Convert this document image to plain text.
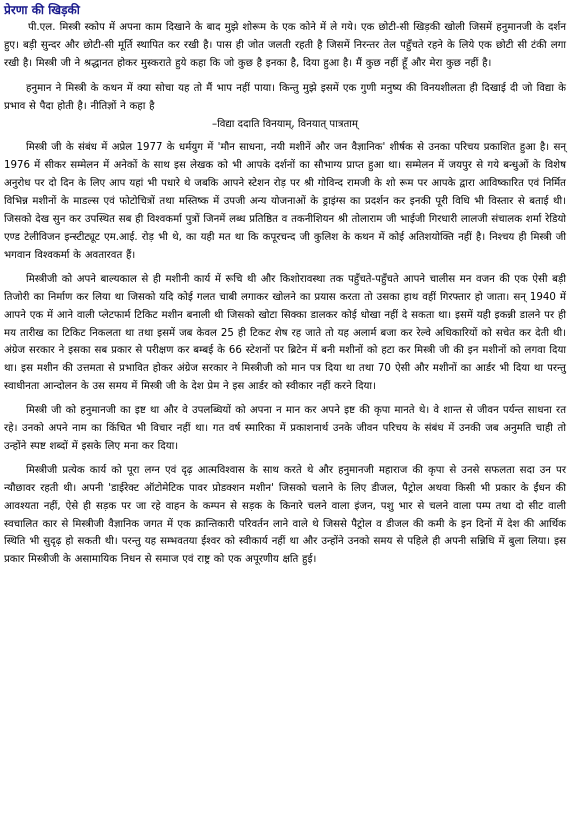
प्रेरणा की खिड़की

पी.एल. मिस्त्री स्कोप में अपना काम दिखाने के बाद मुझे शोरूम के एक कोने में ले गये। एक छोटी-सी खिड़की खोली जिसमें हनुमानजी के दर्शन हुए। बड़ी सुन्दर और छोटी-सी मूर्ति स्थापित कर रखी है। पास ही जोत जलती रहती है जिसमें निरन्तर तेल पहुँचते रहने के लिये एक छोटी सी टंकी लगा रखी है। मिस्त्री जी ने श्रद्धानत होकर मुस्कराते हुये कहा कि जो कुछ है इनका है, दिया हुआ है। मैं कुछ नहीं हूँ और मेरा कुछ नहीं है।

हनुमान ने मिस्त्री के कथन में क्या सोचा यह तो मैं भाप नहीं पाया। किन्तु मुझे इसमें एक गुणी मनुष्य की विनयशीलता ही दिखाई दी जो विद्या के प्रभाव से पैदा होती है। नीतिज्ञों ने कहा है

–विद्या ददाति विनयाम्, विनयात् पात्रताम्

मिस्त्री जी के संबंध में अप्रेल 1977 के धर्मयुग में 'मौन साधना, नयी मशीनें और जन वैज्ञानिक' शीर्षक से उनका परिचय प्रकाशित हुआ है। सन् 1976 में सीकर सम्मेलन में अनेकों के साथ इस लेखक को भी आपके दर्शनों का सौभाग्य प्राप्त हुआ था। सम्मेलन में जयपुर से गये बन्धुओं के विशेष अनुरोध पर दो दिन के लिए आप यहां भी पधारे थे जबकि आपने स्टेशन रोड़ पर श्री गोविन्द रामजी के शो रूम पर आपके द्वारा आविष्कारित एवं निर्मित विभिन्न मशीनों के माडल्स एवं फोटोचित्रों तथा मस्तिष्क में उपजी अन्य योजनाओं के ड्राइंग्स का प्रदर्शन कर इनकी पूरी विधि भी विस्तार से बताई थी। जिसको देख सुन कर उपस्थित सब ही विश्वकर्मा पुत्रों जिनमें लब्ध प्रतिष्ठित व तकनीशियन श्री तोलाराम जी भाईजी गिरधारी लालजी संचालक शर्मा रेडियो एण्ड टेलीविजन इन्स्टीट्यूट एम.आई. रोड़ भी थे, का यही मत था कि कपूरचन्द जी कुलिश के कथन में कोई अतिशयोक्ति नहीं है। निश्चय ही मिस्त्री जी भगवान विश्वकर्मा के अवतारवत हैं।

मिस्त्रीजी को अपने बाल्यकाल से ही मशीनी कार्य में रूचि थी और किशोरावस्था तक पहुँचते-पहुँचते आपने चालीस मन वजन की एक ऐसी बड़ी तिजोरी का निर्माण कर लिया था जिसको यदि कोई गलत चाबी लगाकर खोलने का प्रयास करता तो उसका हाथ वहीं गिरफ्तार हो जाता। सन् 1940 में आपने एक में आने वाली प्लेटफार्म टिकिट मशीन बनाली थी जिसको खोटा सिक्का डालकर कोई धोखा नहीं दे सकता था। इसमें यही इकन्नी डालने पर ही मय तारीख का टिकिट निकलता था तथा इसमें जब केवल 25 ही टिकट शेष रह जाते तो यह अलार्म बजा कर रेल्वे अधिकारियों को सचेत कर देती थी। अंग्रेज सरकार ने इसका सब प्रकार से परीक्षण कर बम्बई के 66 स्टेशनों पर ब्रिटेन में बनी मशीनों को हटा कर मिस्त्री जी की इन मशीनों को लगवा दिया था। इस मशीन की उत्तमता से प्रभावित होकर अंग्रेज सरकार ने मिस्त्रीजी को मान पत्र दिया था तथा 70 ऐसी और मशीनों का आर्डर भी दिया था परन्तु स्वाधीनता आन्दोलन के उस समय में मिस्त्री जी के देश प्रेम ने इस आर्डर को स्वीकार नहीं करने दिया।

मिस्त्री जी को हनुमानजी का इष्ट था और वे उपलब्धियों को अपना न मान कर अपने इष्ट की कृपा मानते थे। वे शान्त से जीवन पर्यन्त साधना रत रहे। उनको अपने नाम का किंचित भी विचार नहीं था। गत वर्ष स्मारिका में प्रकाशनार्थ उनके जीवन परिचय के संबंध में उनकी जब अनुमति चाही तो उन्होंने स्पष्ट शब्दों में इसके लिए मना कर दिया।

मिस्त्रीजी प्रत्येक कार्य को पूरा लग्न एवं दृढ़ आत्मविश्वास के साथ करते थे और हनुमानजी महाराज की कृपा से उनसे सफलता सदा उन पर न्यौछावर रहती थी। अपनी 'डाईरेक्ट ऑटोमेटिक पावर प्रोडक्शन मशीन' जिसको चलाने के लिए डीजल, पैट्रोल अथवा किसी भी प्रकार के ईंधन की आवश्यता नहीं, ऐसे ही सड़क पर जा रहे वाहन के कम्पन से सड़क के किनारे चलने वाला इंजन, पशु भार से चलने वाला पम्प तथा दो सीट वाली स्वचालित कार से मिस्त्रीजी वैज्ञानिक जगत में एक क्रान्तिकारी परिवर्तन लाने वाले थे जिससे पैट्रोल व डीजल की कमी के इन दिनों में देश की आर्थिक स्थिति भी सुदृढ़ हो सकती थी। परन्तु यह सम्भवतया ईश्वर को स्वीकार्य नहीं था और उन्होंने उनको समय से पहिले ही अपनी सन्निधि में बुला लिया। इस प्रकार मिस्त्रीजी के असामायिक निधन से समाज एवं राष्ट्र को एक अपूरणीय क्षति हुई।
